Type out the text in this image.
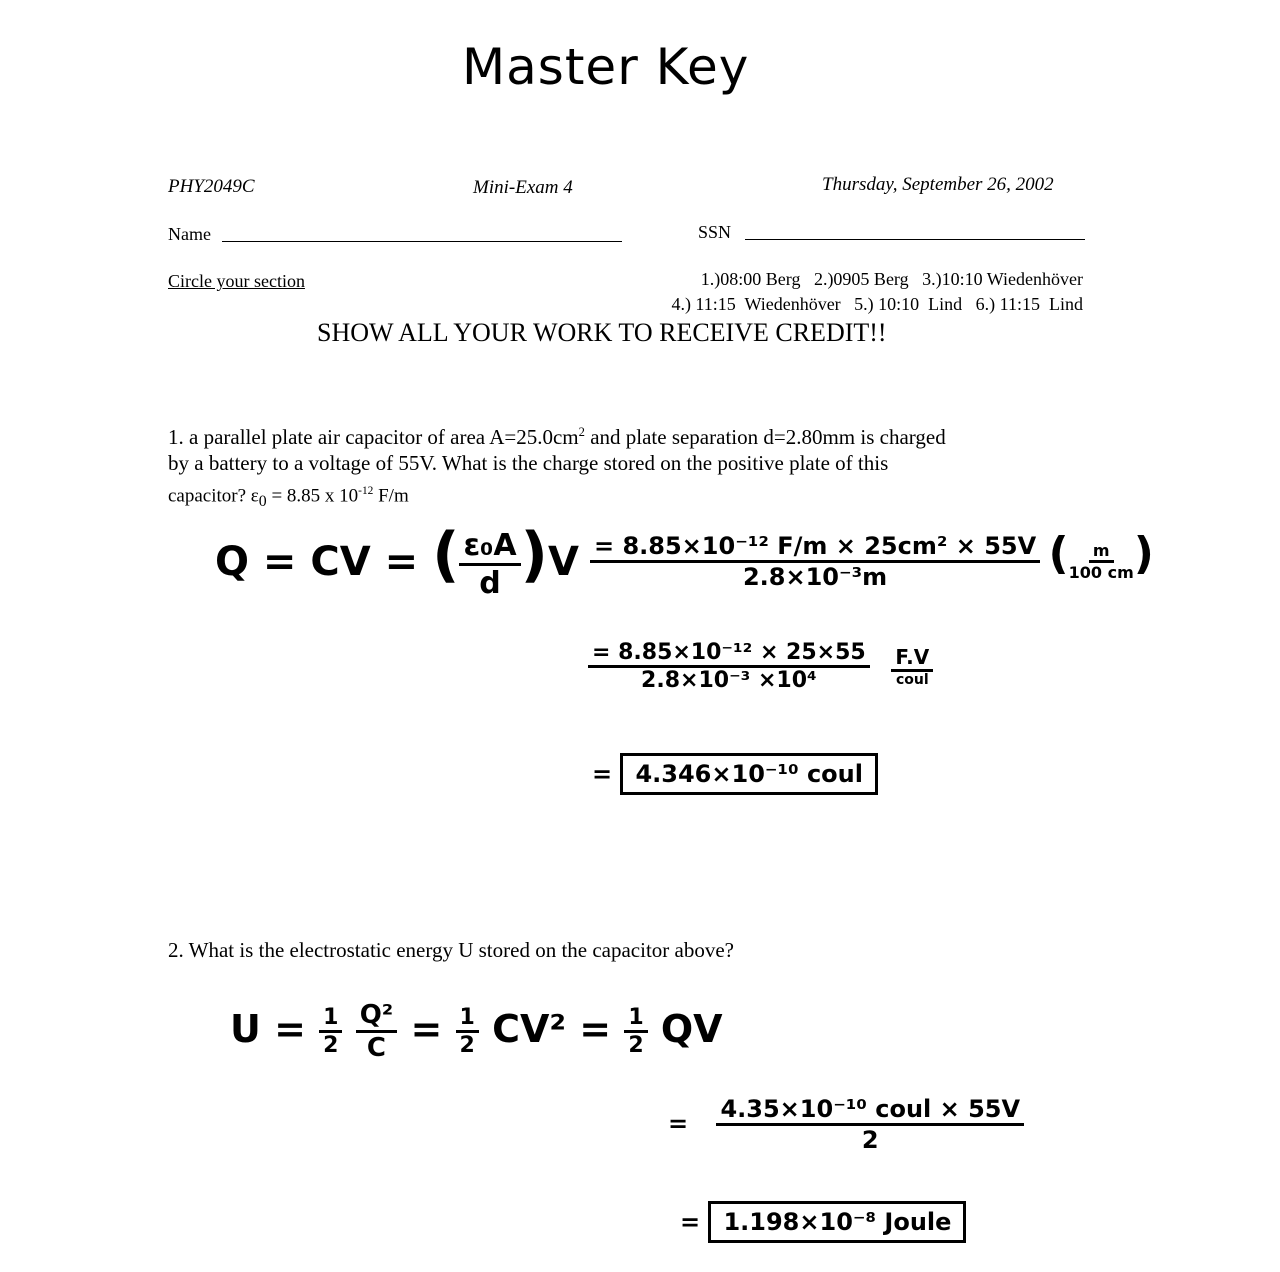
Master Key
PHY2049C	Mini-Exam 4	Thursday, September 26, 2002
Name	SSN
Circle your section	1.)08:00 Berg   2.)0905 Berg   3.)10:10 Wiedenhöver
4.) 11:15  Wiedenhöver   5.) 10:10  Lind   6.) 11:15  Lind
SHOW ALL YOUR WORK TO RECEIVE CREDIT!!
1. a parallel plate air capacitor of area $A=25.0cm^2$ and plate separation d=2.80mm is charged
by a battery to a voltage of 55V. What is the charge stored on the positive plate of this
capacitor? $\varepsilon_0 = 8.85$ x $10^{-12}$ F/m
Q = CV = ( $\frac{\text{ε₀A}}{d} )V \frac{\text{= 8.85×10⁻¹² F/m × 25cm² × 55V}}{\text{2.8×10⁻³m}}$ ( $\frac{m}{100 cm}$ )
$\frac{\text{= 8.85×10⁻¹² × 25×55}}{\text{2.8×10⁻³ ×10⁴}}$
$\frac{F.V}{\text{coul}}$
= 4.346×10⁻¹⁰ coul
2. What is the electrostatic energy U stored on the capacitor above?
$U = \frac{1}{2}$
$\frac{\text{Q²}}{C} = \frac{1}{2} CV^2 = \frac{1}{2}$ QV
= $\frac{\text{4.35×10⁻¹⁰ coul × 55V}}{2}$
= 1.198×10⁻⁸ Joule
